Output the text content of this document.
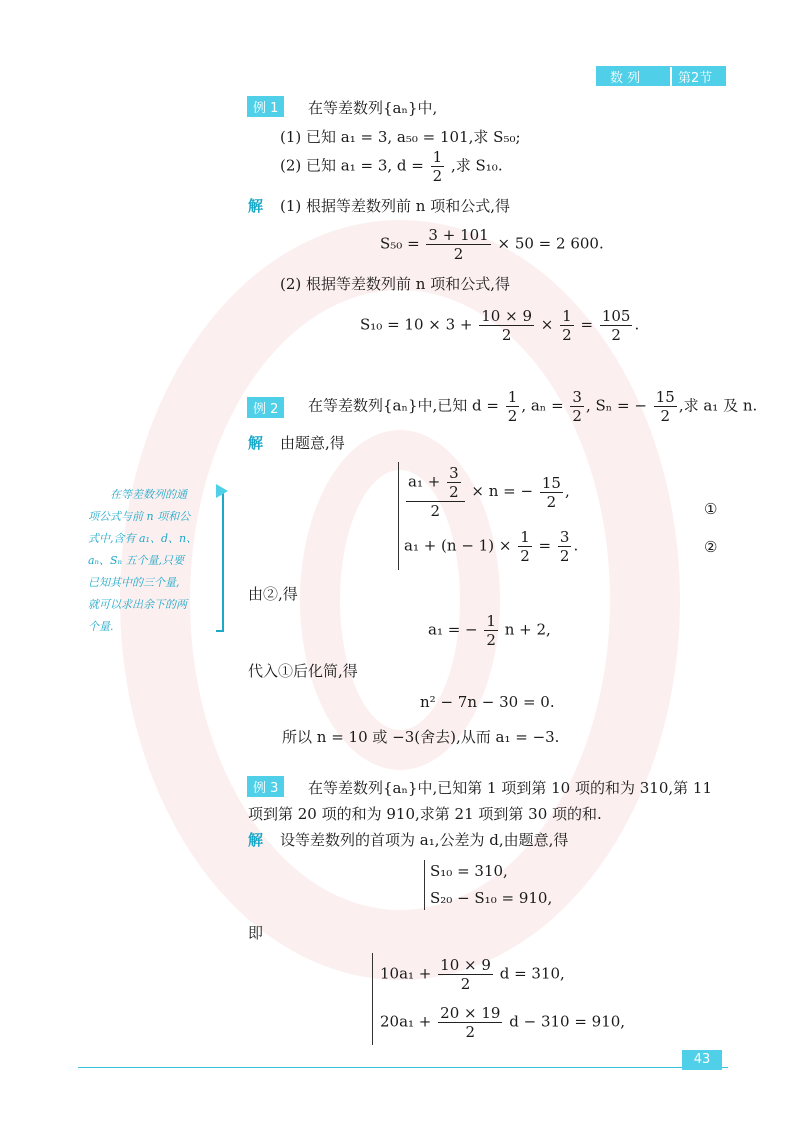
数 列	第2节
例 1	在等差数列{aₙ}中,
(1) 已知 a₁ = 3, a₅₀ = 101,求 S₅₀;
(2) 已知 a₁ = 3, $d = \frac{1}{2}$ ,求 S₁₀.
解 (1) 根据等差数列前 n 项和公式,得
$S_{50} = \frac{3 + 101}{2} \times 50 = 2$ 600.
(2) 根据等差数列前 n 项和公式,得
$S_{10} = 10 \times 3 + \frac{10 \times 9}{2} \times \frac{1}{2} = \frac{105}{2}$ .
例 2	在等差数列{aₙ}中,已知 $d = \frac{1}{2}$ , $a_n = \frac{3}{2}$ , Sₙ = − $\frac{15}{2}$ ,求 a₁ 及 n.
解 由题意,得
$\frac{a_1 + \frac{3}{2}}{2} \times n$ = − $\frac{15}{2}$ ,
①
$a_1 + (n - 1) \times \frac{1}{2} = \frac{3}{2}$ .	②
在等差数列的通
项公式与前 n 项和公
式中,含有 a₁、d、n、
aₙ、Sₙ 五个量,只要
已知其中的三个量,
就可以求出余下的两
个量.
由②,得
a₁ = − $\frac{1}{2}$ n + 2,
代入①后化简,得
n² − 7n − 30 = 0.
所以 n = 10 或 −3(舍去),从而 a₁ = −3.
例 3	在等差数列{aₙ}中,已知第 1 项到第 10 项的和为 310,第 11
项到第 20 项的和为 910,求第 21 项到第 30 项的和.
解 设等差数列的首项为 a₁,公差为 d,由题意,得
S₁₀ = 310,
S₂₀ − S₁₀ = 910,
即
$10a_1 + \frac{10 \times 9}{2}$ d = 310,
$20a_1 + \frac{20 \times 19}{2}$ d − 310 = 910,
43
